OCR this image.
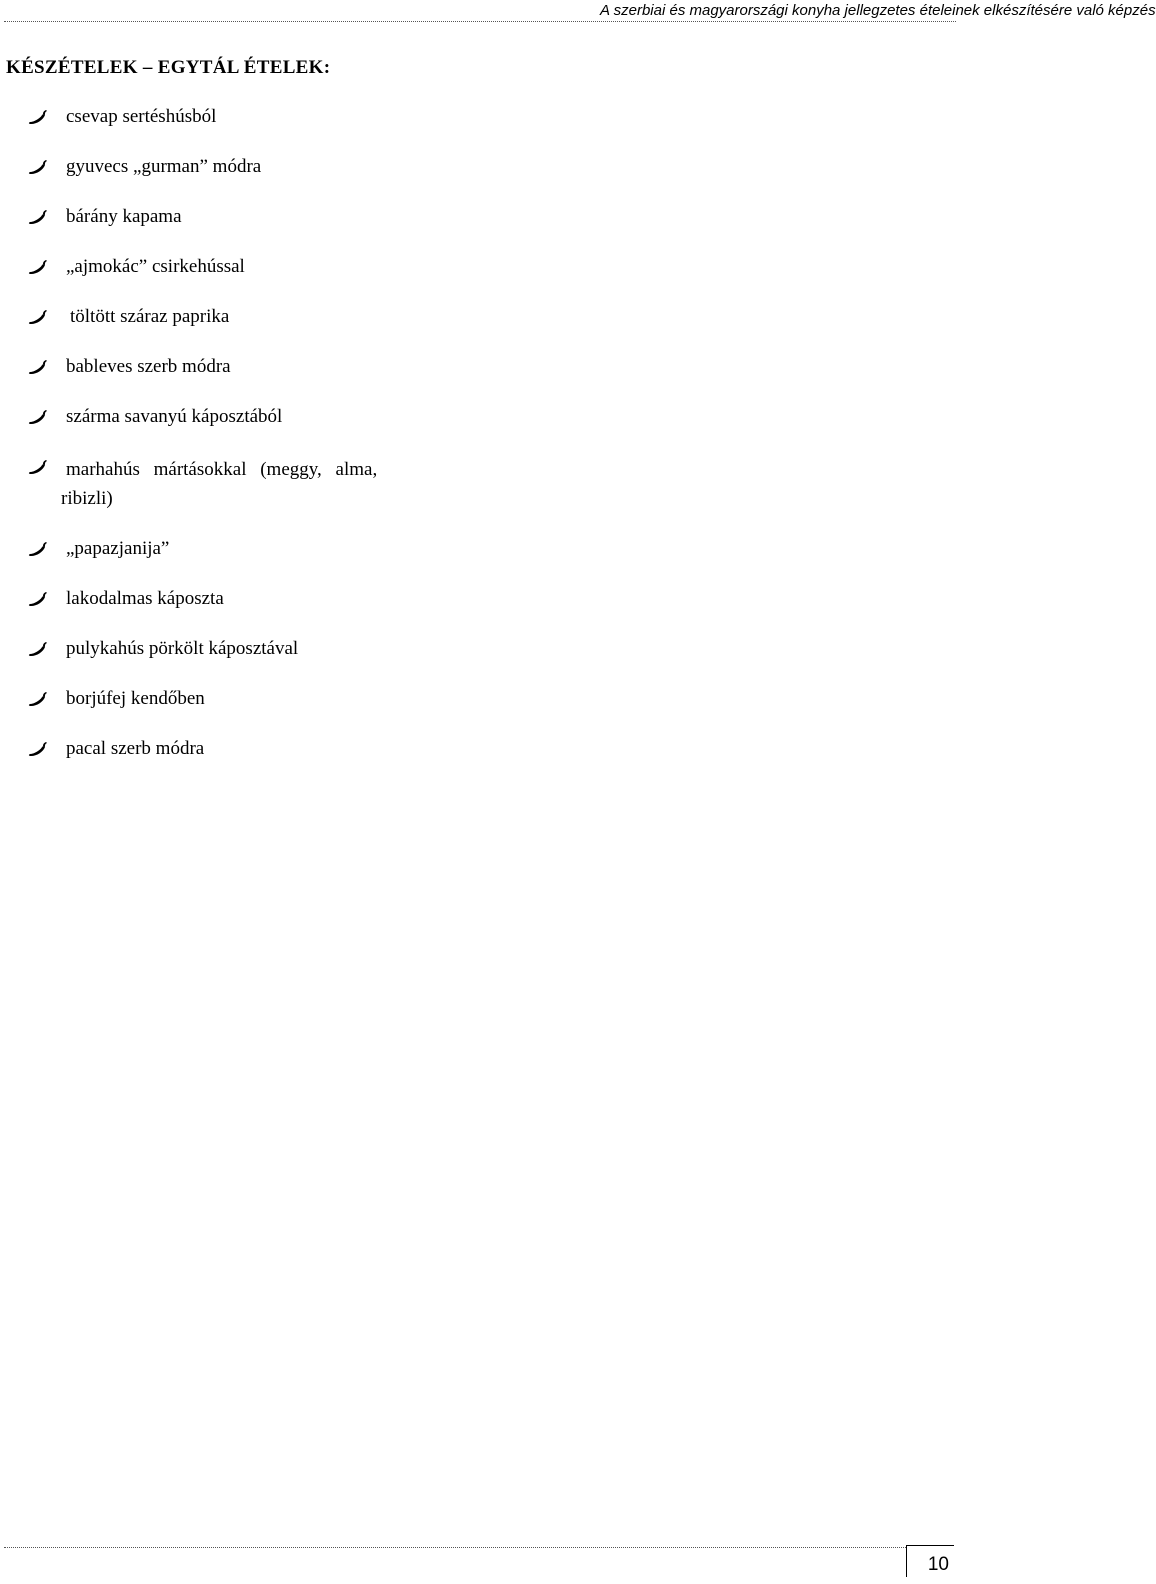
A szerbiai és magyarországi konyha jellegzetes ételeinek elkészítésére való képzés
KÉSZÉTELEK – EGYTÁL ÉTELEK:
csevap sertéshúsból
gyuvecs „gurman” módra
bárány kapama
„ajmokác” csirkehússal
töltött száraz paprika
bableves szerb módra
szárma savanyú káposztából
marhahús mártásokkal (meggy, alma,
ribizli)
„papazjanija”
lakodalmas káposzta
pulykahús pörkölt káposztával
borjúfej kendőben
pacal szerb módra
10
